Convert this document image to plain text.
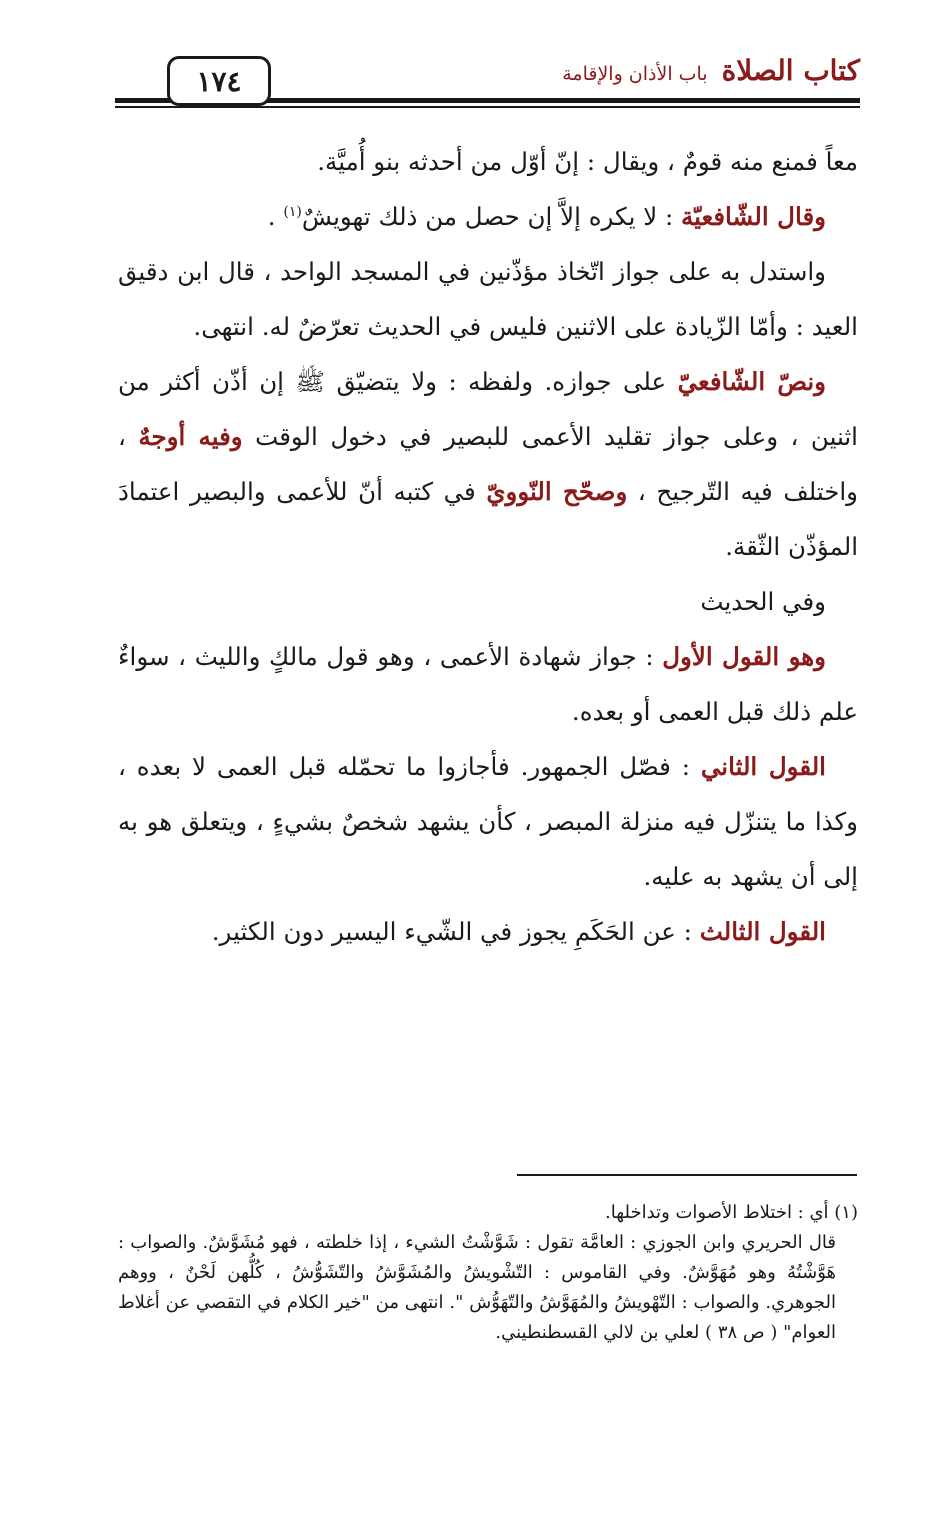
١٧٤	كتاب الصلاة
باب الأذان والإقامة

معاً فمنع منه قومٌ ، ويقال : إنّ أوّل من أحدثه بنو أُميَّة.

وقال الشّافعيّة : لا يكره إلاَّ إن حصل من ذلك تهويشٌ$^{(١)}$ .

واستدل به على جواز اتّخاذ مؤذّنين في المسجد الواحد ، قال ابن دقيق العيد : وأمّا الزّيادة على الاثنين فليس في الحديث تعرّضٌ له. انتهى.

ونصّ الشّافعيّ على جوازه. ولفظه : ولا يتضيّق ﷺ إن أذّن أكثر من اثنين ، وعلى جواز تقليد الأعمى للبصير في دخول الوقت وفيه أوجهٌ ، واختلف فيه التّرجيح ، وصحّح النّوويّ في كتبه أنّ للأعمى والبصير اعتمادَ المؤذّن الثّقة.

وفي الحديث

وهو القول الأول : جواز شهادة الأعمى ، وهو قول مالكٍ والليث ، سواءٌ علم ذلك قبل العمى أو بعده.

القول الثاني : فصّل الجمهور. فأجازوا ما تحمّله قبل العمى لا بعده ، وكذا ما يتنزّل فيه منزلة المبصر ، كأن يشهد شخصٌ بشيءٍ ، ويتعلق هو به إلى أن يشهد به عليه.

القول الثالث : عن الحَكَمِ يجوز في الشّيء اليسير دون الكثير.

(١) أي : اختلاط الأصوات وتداخلها.

قال الحريري وابن الجوزي : العامَّة تقول : شَوَّشْتُ الشيء ، إذا خلطته ، فهو مُشَوَّشٌ. والصواب : هَوَّشْتُهُ وهو مُهَوَّشٌ. وفي القاموس : التّشْويشُ والمُشَوَّشُ والتّشَوُّشُ ، كُلُّهن لَحْنٌ ، ووهم الجوهري. والصواب : التّهْويشُ والمُهَوَّشُ والتّهَوُّش ". انتهى من "خير الكلام في التقصي عن أغلاط العوام" ( ص ٣٨ ) لعلي بن لالي القسطنطيني.
